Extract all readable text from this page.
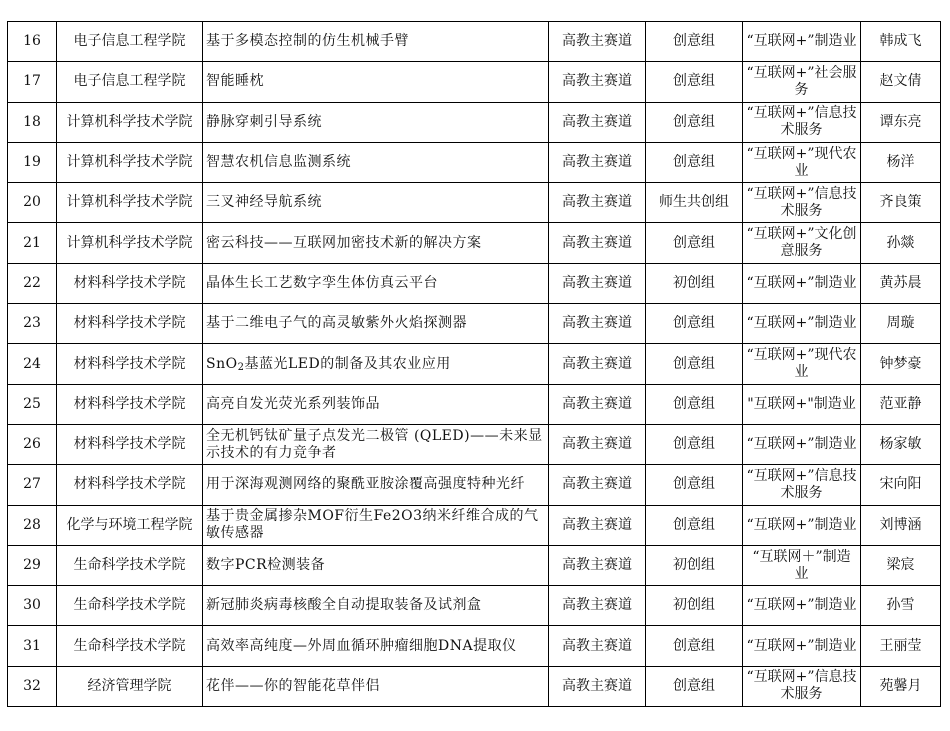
16	电子信息工程学院	基于多模态控制的仿生机械手臂	高教主赛道	创意组	“互联网+”制造业	韩成飞
17	电子信息工程学院	智能睡枕	高教主赛道	创意组	“互联网+”社会服务	赵文倩
18	计算机科学技术学院	静脉穿刺引导系统	高教主赛道	创意组	“互联网+”信息技术服务	谭东亮
19	计算机科学技术学院	智慧农机信息监测系统	高教主赛道	创意组	“互联网+”现代农业	杨洋
20	计算机科学技术学院	三叉神经导航系统	高教主赛道	师生共创组	“互联网+”信息技术服务	齐良策
21	计算机科学技术学院	密云科技——互联网加密技术新的解决方案	高教主赛道	创意组	“互联网+”文化创意服务	孙燚
22	材料科学技术学院	晶体生长工艺数字孪生体仿真云平台	高教主赛道	初创组	“互联网+”制造业	黄苏晨
23	材料科学技术学院	基于二维电子气的高灵敏紫外火焰探测器	高教主赛道	创意组	“互联网+”制造业	周璇
24	材料科学技术学院	SnO$_2$基蓝光LED的制备及其农业应用	高教主赛道	创意组	“互联网+”现代农业	钟梦豪
25	材料科学技术学院	高亮自发光荧光系列装饰品	高教主赛道	创意组	"互联网+"制造业	范亚静
26	材料科学技术学院	全无机钙钛矿量子点发光二极管 (QLED)——未来显示技术的有力竞争者	高教主赛道	创意组	“互联网+”制造业	杨家敏
27	材料科学技术学院	用于深海观测网络的聚酰亚胺涂覆高强度特种光纤	高教主赛道	创意组	“互联网+”信息技术服务	宋向阳
28	化学与环境工程学院	基于贵金属掺杂MOF衍生Fe2O3纳米纤维合成的气敏传感器	高教主赛道	创意组	“互联网+”制造业	刘博涵
29	生命科学技术学院	数字PCR检测装备	高教主赛道	初创组	“互联网＋”制造业	梁宸
30	生命科学技术学院	新冠肺炎病毒核酸全自动提取装备及试剂盒	高教主赛道	初创组	“互联网+”制造业	孙雪
31	生命科学技术学院	高效率高纯度—外周血循环肿瘤细胞DNA提取仪	高教主赛道	创意组	“互联网+”制造业	王丽莹
32	经济管理学院	花伴——你的智能花草伴侣	高教主赛道	创意组	“互联网+”信息技术服务	苑馨月
